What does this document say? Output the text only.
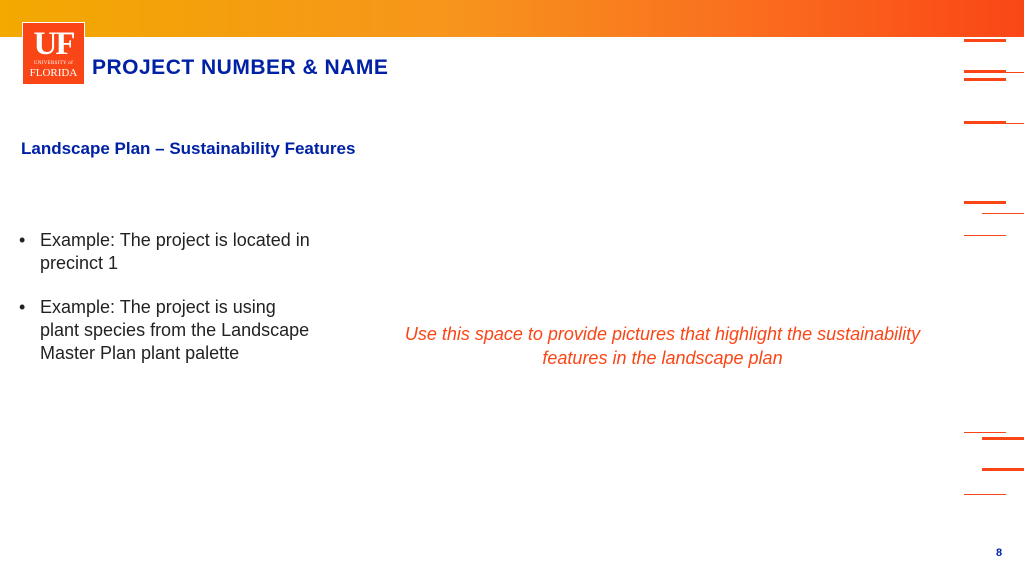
UF
UNIVERSITY of
FLORIDA PROJECT NUMBER & NAME
Landscape Plan – Sustainability Features
• Example: The project is located in precinct 1
• Example: The project is using plant species from the Landscape Master Plan plant palette
Use this space to provide pictures that highlight the sustainability features in the landscape plan
8
